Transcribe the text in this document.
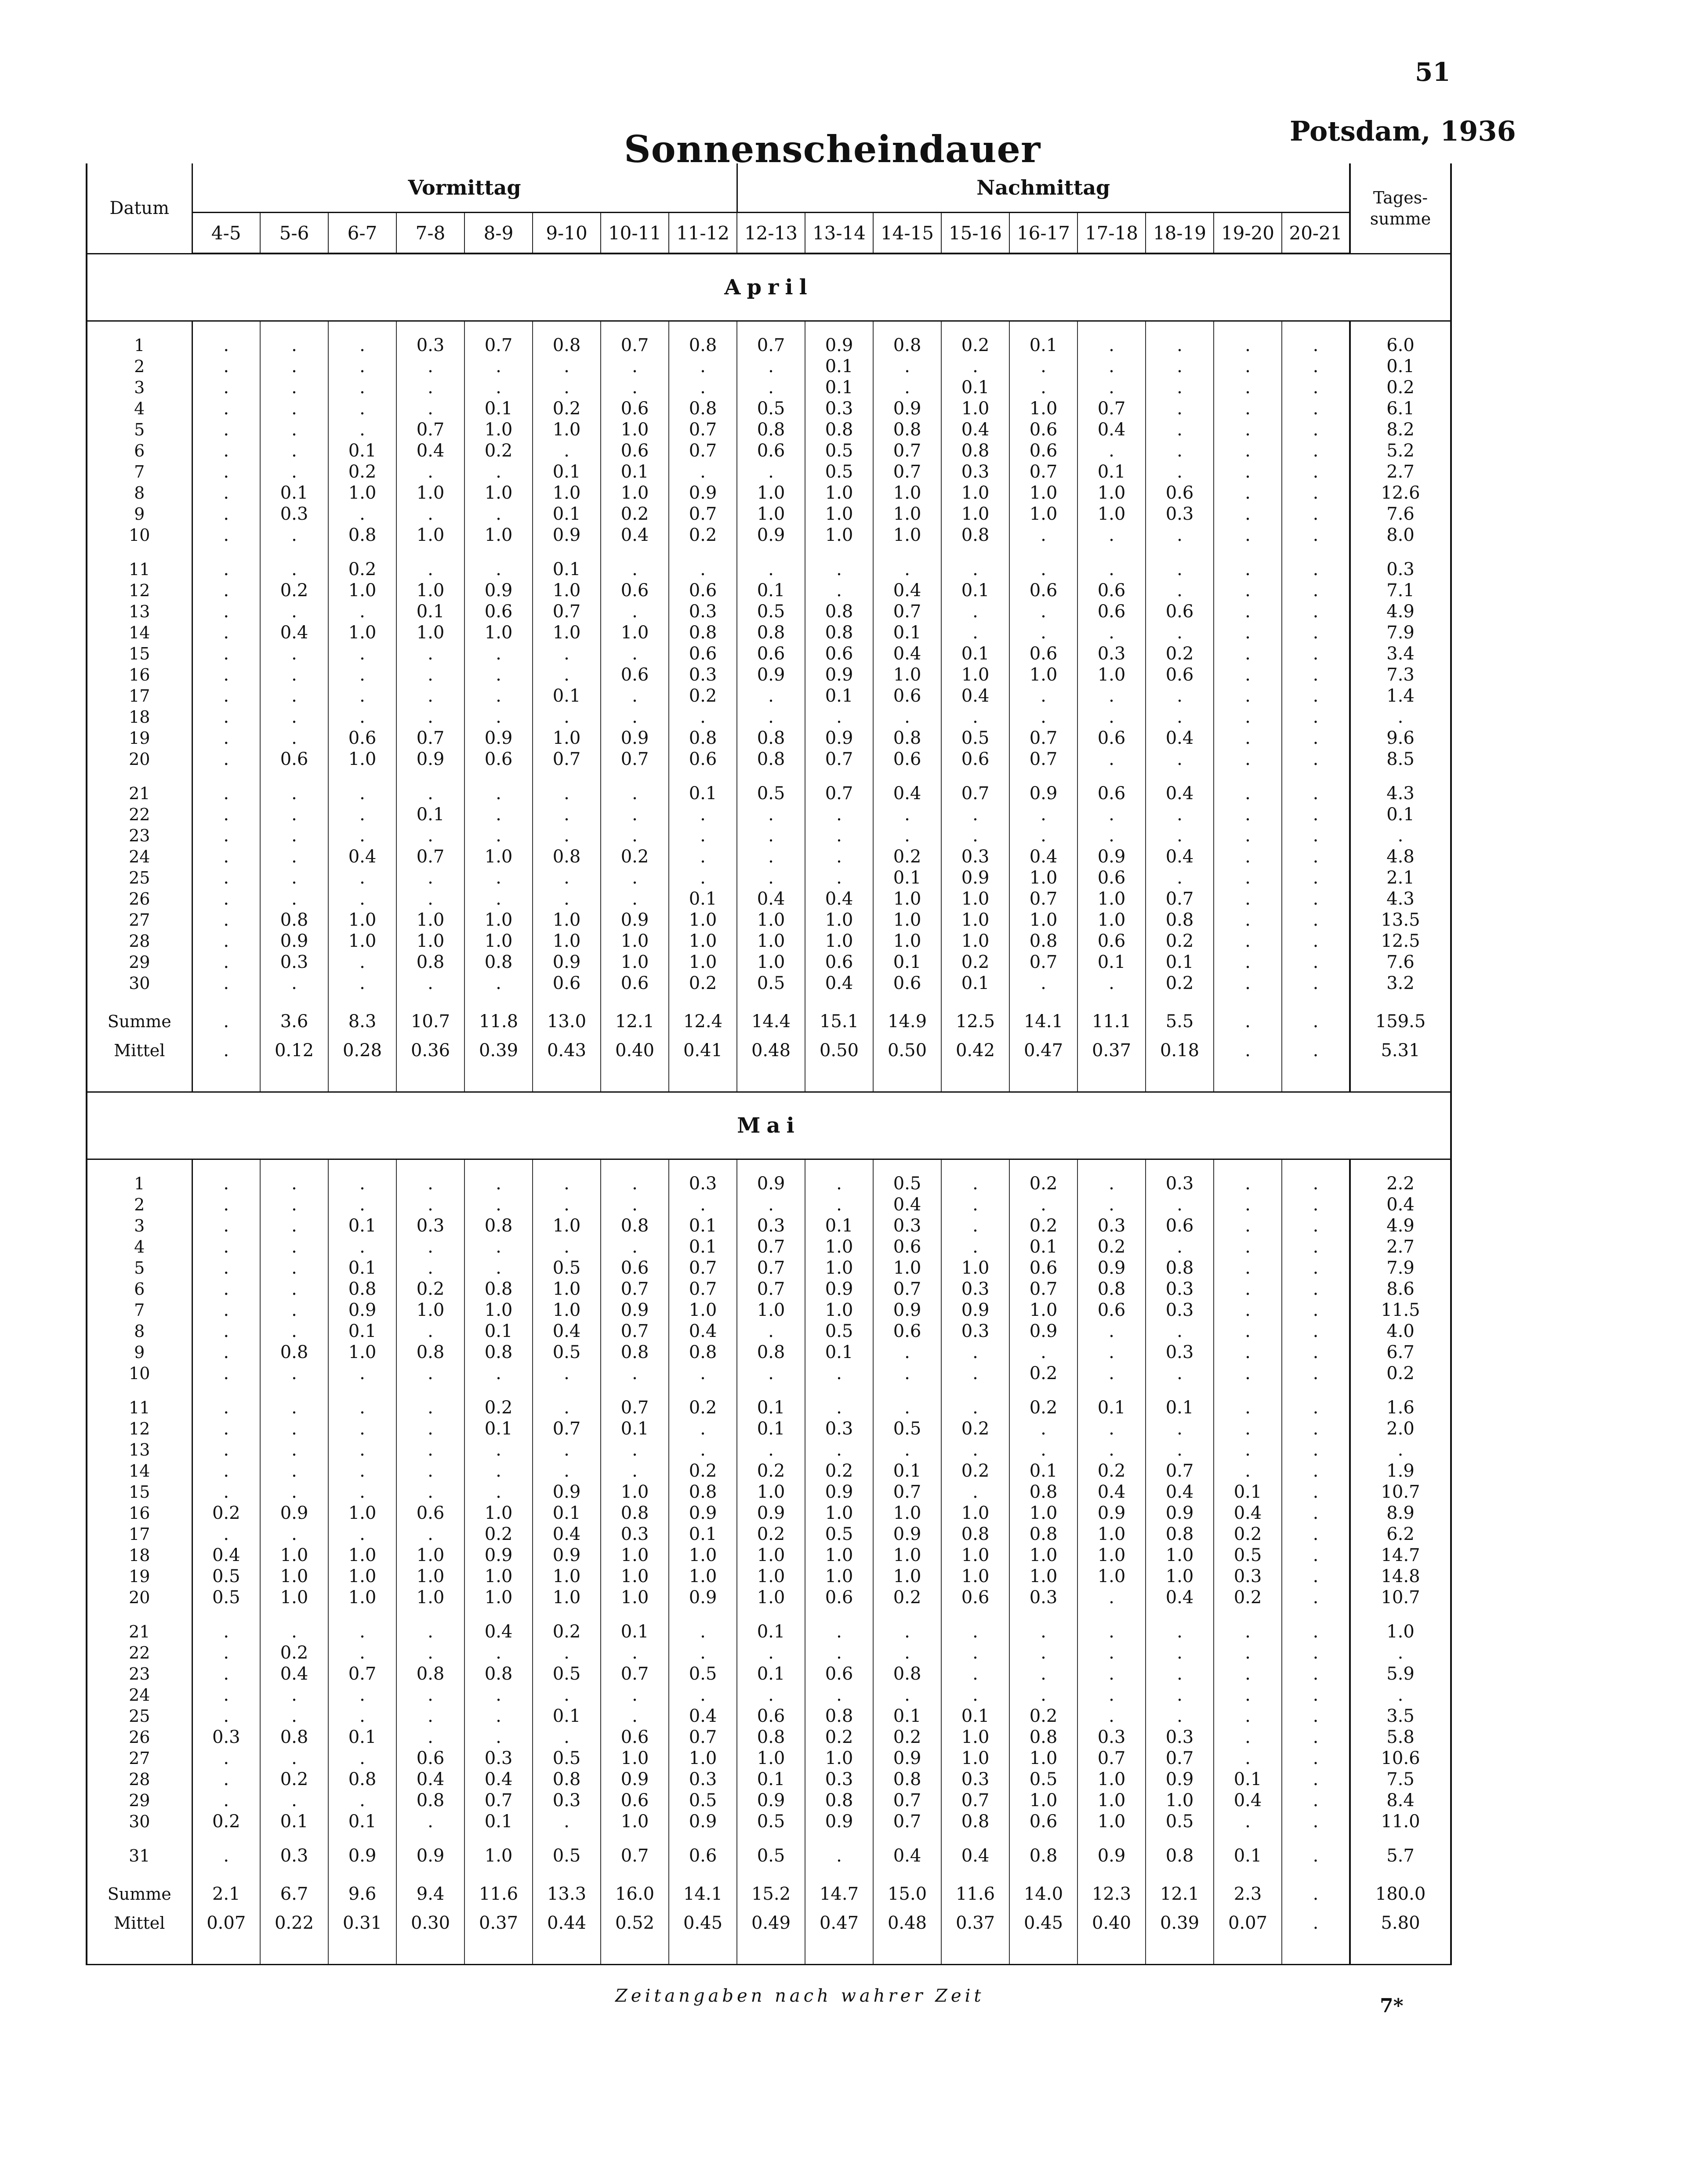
51
Sonnenscheindauer	Potsdam, 1936
Datum	Vormittag								Nachmittag									Tages-
summe
	4-5	5-6	6-7	7-8	8-9	9-10	10-11	11-12	12-13	13-14	14-15	15-16	16-17	17-18	18-19	19-20	20-21	
April																		

1	.	.	.	0.3	0.7	0.8	0.7	0.8	0.7	0.9	0.8	0.2	0.1	.	.	.	.	6.0
2	.	.	.	.	.	.	.	.	.	0.1	.	.	.	.	.	.	.	0.1
3	.	.	.	.	.	.	.	.	.	0.1	.	0.1	.	.	.	.	.	0.2
4	.	.	.	.	0.1	0.2	0.6	0.8	0.5	0.3	0.9	1.0	1.0	0.7	.	.	.	6.1
5	.	.	.	0.7	1.0	1.0	1.0	0.7	0.8	0.8	0.8	0.4	0.6	0.4	.	.	.	8.2
6	.	.	0.1	0.4	0.2	.	0.6	0.7	0.6	0.5	0.7	0.8	0.6	.	.	.	.	5.2
7	.	.	0.2	.	.	0.1	0.1	.	.	0.5	0.7	0.3	0.7	0.1	.	.	.	2.7
8	.	0.1	1.0	1.0	1.0	1.0	1.0	0.9	1.0	1.0	1.0	1.0	1.0	1.0	0.6	.	.	12.6
9	.	0.3	.	.	.	0.1	0.2	0.7	1.0	1.0	1.0	1.0	1.0	1.0	0.3	.	.	7.6
10	.	.	0.8	1.0	1.0	0.9	0.4	0.2	0.9	1.0	1.0	0.8	.	.	.	.	.	8.0

11	.	.	0.2	.	.	0.1	.	.	.	.	.	.	.	.	.	.	.	0.3
12	.	0.2	1.0	1.0	0.9	1.0	0.6	0.6	0.1	.	0.4	0.1	0.6	0.6	.	.	.	7.1
13	.	.	.	0.1	0.6	0.7	.	0.3	0.5	0.8	0.7	.	.	0.6	0.6	.	.	4.9
14	.	0.4	1.0	1.0	1.0	1.0	1.0	0.8	0.8	0.8	0.1	.	.	.	.	.	.	7.9
15	.	.	.	.	.	.	.	0.6	0.6	0.6	0.4	0.1	0.6	0.3	0.2	.	.	3.4
16	.	.	.	.	.	.	0.6	0.3	0.9	0.9	1.0	1.0	1.0	1.0	0.6	.	.	7.3
17	.	.	.	.	.	0.1	.	0.2	.	0.1	0.6	0.4	.	.	.	.	.	1.4
18	.	.	.	.	.	.	.	.	.	.	.	.	.	.	.	.	.	.
19	.	.	0.6	0.7	0.9	1.0	0.9	0.8	0.8	0.9	0.8	0.5	0.7	0.6	0.4	.	.	9.6
20	.	0.6	1.0	0.9	0.6	0.7	0.7	0.6	0.8	0.7	0.6	0.6	0.7	.	.	.	.	8.5

21	.	.	.	.	.	.	.	0.1	0.5	0.7	0.4	0.7	0.9	0.6	0.4	.	.	4.3
22	.	.	.	0.1	.	.	.	.	.	.	.	.	.	.	.	.	.	0.1
23	.	.	.	.	.	.	.	.	.	.	.	.	.	.	.	.	.	.
24	.	.	0.4	0.7	1.0	0.8	0.2	.	.	.	0.2	0.3	0.4	0.9	0.4	.	.	4.8
25	.	.	.	.	.	.	.	.	.	.	0.1	0.9	1.0	0.6	.	.	.	2.1
26	.	.	.	.	.	.	.	0.1	0.4	0.4	1.0	1.0	0.7	1.0	0.7	.	.	4.3
27	.	0.8	1.0	1.0	1.0	1.0	0.9	1.0	1.0	1.0	1.0	1.0	1.0	1.0	0.8	.	.	13.5
28	.	0.9	1.0	1.0	1.0	1.0	1.0	1.0	1.0	1.0	1.0	1.0	0.8	0.6	0.2	.	.	12.5
29	.	0.3	.	0.8	0.8	0.9	1.0	1.0	1.0	0.6	0.1	0.2	0.7	0.1	0.1	.	.	7.6
30	.	.	.	.	.	0.6	0.6	0.2	0.5	0.4	0.6	0.1	.	.	0.2	.	.	3.2

Summe	.	3.6	8.3	10.7	11.8	13.0	12.1	12.4	14.4	15.1	14.9	12.5	14.1	11.1	5.5	.	.	159.5
Mittel	.	0.12	0.28	0.36	0.39	0.43	0.40	0.41	0.48	0.50	0.50	0.42	0.47	0.37	0.18	.	.	5.31

Mai																		

1	.	.	.	.	.	.	.	0.3	0.9	.	0.5	.	0.2	.	0.3	.	.	2.2
2	.	.	.	.	.	.	.	.	.	.	0.4	.	.	.	.	.	.	0.4
3	.	.	0.1	0.3	0.8	1.0	0.8	0.1	0.3	0.1	0.3	.	0.2	0.3	0.6	.	.	4.9
4	.	.	.	.	.	.	.	0.1	0.7	1.0	0.6	.	0.1	0.2	.	.	.	2.7
5	.	.	0.1	.	.	0.5	0.6	0.7	0.7	1.0	1.0	1.0	0.6	0.9	0.8	.	.	7.9
6	.	.	0.8	0.2	0.8	1.0	0.7	0.7	0.7	0.9	0.7	0.3	0.7	0.8	0.3	.	.	8.6
7	.	.	0.9	1.0	1.0	1.0	0.9	1.0	1.0	1.0	0.9	0.9	1.0	0.6	0.3	.	.	11.5
8	.	.	0.1	.	0.1	0.4	0.7	0.4	.	0.5	0.6	0.3	0.9	.	.	.	.	4.0
9	.	0.8	1.0	0.8	0.8	0.5	0.8	0.8	0.8	0.1	.	.	.	.	0.3	.	.	6.7
10	.	.	.	.	.	.	.	.	.	.	.	.	0.2	.	.	.	.	0.2

11	.	.	.	.	0.2	.	0.7	0.2	0.1	.	.	.	0.2	0.1	0.1	.	.	1.6
12	.	.	.	.	0.1	0.7	0.1	.	0.1	0.3	0.5	0.2	.	.	.	.	.	2.0
13	.	.	.	.	.	.	.	.	.	.	.	.	.	.	.	.	.	.
14	.	.	.	.	.	.	.	0.2	0.2	0.2	0.1	0.2	0.1	0.2	0.7	.	.	1.9
15	.	.	.	.	.	0.9	1.0	0.8	1.0	0.9	0.7	.	0.8	0.4	0.4	0.1	.	10.7
16	0.2	0.9	1.0	0.6	1.0	0.1	0.8	0.9	0.9	1.0	1.0	1.0	1.0	0.9	0.9	0.4	.	8.9
17	.	.	.	.	0.2	0.4	0.3	0.1	0.2	0.5	0.9	0.8	0.8	1.0	0.8	0.2	.	6.2
18	0.4	1.0	1.0	1.0	0.9	0.9	1.0	1.0	1.0	1.0	1.0	1.0	1.0	1.0	1.0	0.5	.	14.7
19	0.5	1.0	1.0	1.0	1.0	1.0	1.0	1.0	1.0	1.0	1.0	1.0	1.0	1.0	1.0	0.3	.	14.8
20	0.5	1.0	1.0	1.0	1.0	1.0	1.0	0.9	1.0	0.6	0.2	0.6	0.3	.	0.4	0.2	.	10.7

21	.	.	.	.	0.4	0.2	0.1	.	0.1	.	.	.	.	.	.	.	.	1.0
22	.	0.2	.	.	.	.	.	.	.	.	.	.	.	.	.	.	.	.
23	.	0.4	0.7	0.8	0.8	0.5	0.7	0.5	0.1	0.6	0.8	.	.	.	.	.	.	5.9
24	.	.	.	.	.	.	.	.	.	.	.	.	.	.	.	.	.	.
25	.	.	.	.	.	0.1	.	0.4	0.6	0.8	0.1	0.1	0.2	.	.	.	.	3.5
26	0.3	0.8	0.1	.	.	.	0.6	0.7	0.8	0.2	0.2	1.0	0.8	0.3	0.3	.	.	5.8
27	.	.	.	0.6	0.3	0.5	1.0	1.0	1.0	1.0	0.9	1.0	1.0	0.7	0.7	.	.	10.6
28	.	0.2	0.8	0.4	0.4	0.8	0.9	0.3	0.1	0.3	0.8	0.3	0.5	1.0	0.9	0.1	.	7.5
29	.	.	.	0.8	0.7	0.3	0.6	0.5	0.9	0.8	0.7	0.7	1.0	1.0	1.0	0.4	.	8.4
30	0.2	0.1	0.1	.	0.1	.	1.0	0.9	0.5	0.9	0.7	0.8	0.6	1.0	0.5	.	.	11.0

31	.	0.3	0.9	0.9	1.0	0.5	0.7	0.6	0.5	.	0.4	0.4	0.8	0.9	0.8	0.1	.	5.7

Summe	2.1	6.7	9.6	9.4	11.6	13.3	16.0	14.1	15.2	14.7	15.0	11.6	14.0	12.3	12.1	2.3	.	180.0
Mittel	0.07	0.22	0.31	0.30	0.37	0.44	0.52	0.45	0.49	0.47	0.48	0.37	0.45	0.40	0.39	0.07	.	5.80

Zeitangaben nach wahrer Zeit	7*
